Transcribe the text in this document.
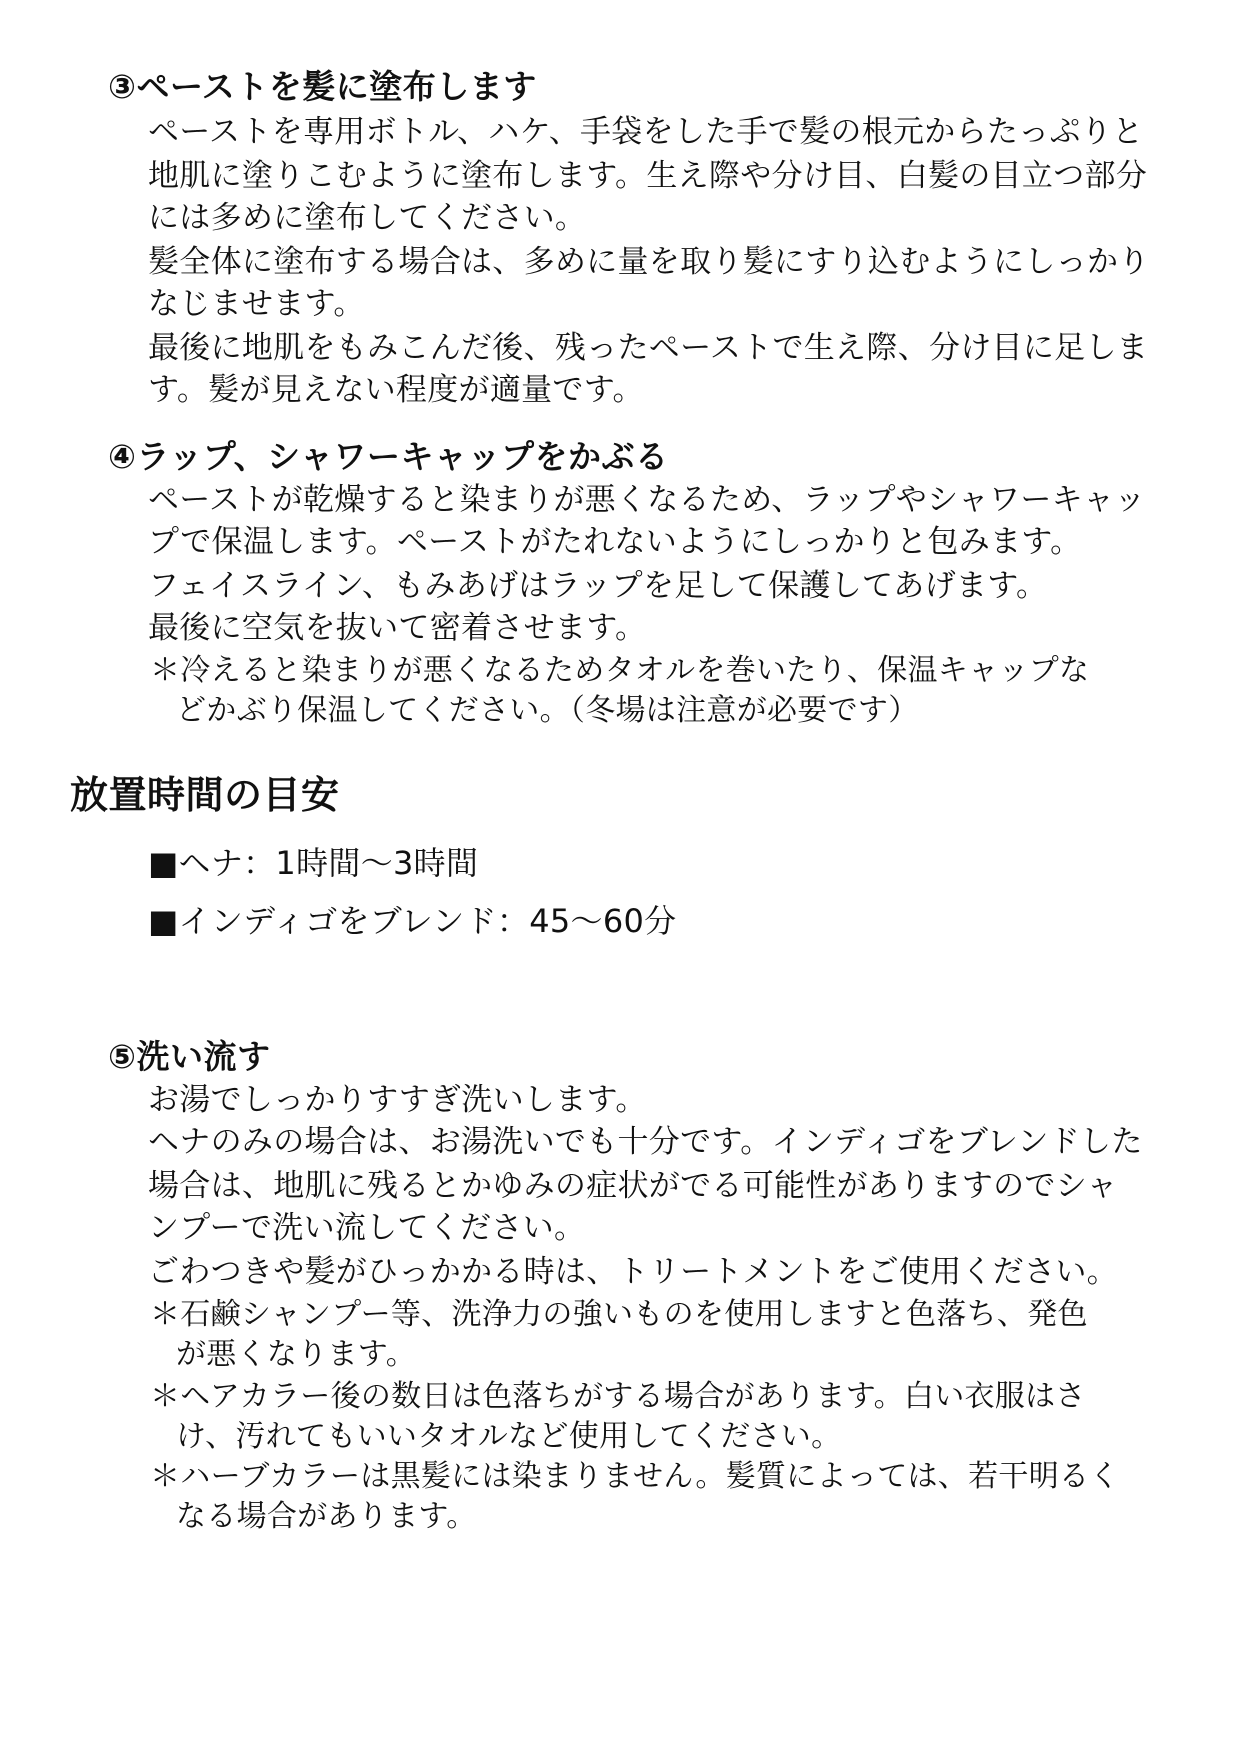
③ペーストを髪に塗布します
ペーストを専用ボトル、ハケ、手袋をした手で髪の根元からたっぷりと
地肌に塗りこむように塗布します。生え際や分け目、白髪の目立つ部分
には多めに塗布してください。
髪全体に塗布する場合は、多めに量を取り髪にすり込むようにしっかり
なじませます。
最後に地肌をもみこんだ後、残ったペーストで生え際、分け目に足しま
す。髪が見えない程度が適量です。
④ラップ、シャワーキャップをかぶる
ペーストが乾燥すると染まりが悪くなるため、ラップやシャワーキャッ
プで保温します。ペーストがたれないようにしっかりと包みます。
フェイスライン、もみあげはラップを足して保護してあげます。
最後に空気を抜いて密着させます。
＊冷えると染まりが悪くなるためタオルを巻いたり、保温キャップな
どかぶり保温してください。（冬場は注意が必要です）
放置時間の目安
■ヘナ：1時間〜3時間
■インディゴをブレンド：45〜60分
⑤洗い流す
お湯でしっかりすすぎ洗いします。
ヘナのみの場合は、お湯洗いでも十分です。インディゴをブレンドした
場合は、地肌に残るとかゆみの症状がでる可能性がありますのでシャ
ンプーで洗い流してください。
ごわつきや髪がひっかかる時は、トリートメントをご使用ください。
＊石鹸シャンプー等、洗浄力の強いものを使用しますと色落ち、発色
が悪くなります。
＊ヘアカラー後の数日は色落ちがする場合があります。白い衣服はさ
け、汚れてもいいタオルなど使用してください。
＊ハーブカラーは黒髪には染まりません。髪質によっては、若干明るく
なる場合があります。
